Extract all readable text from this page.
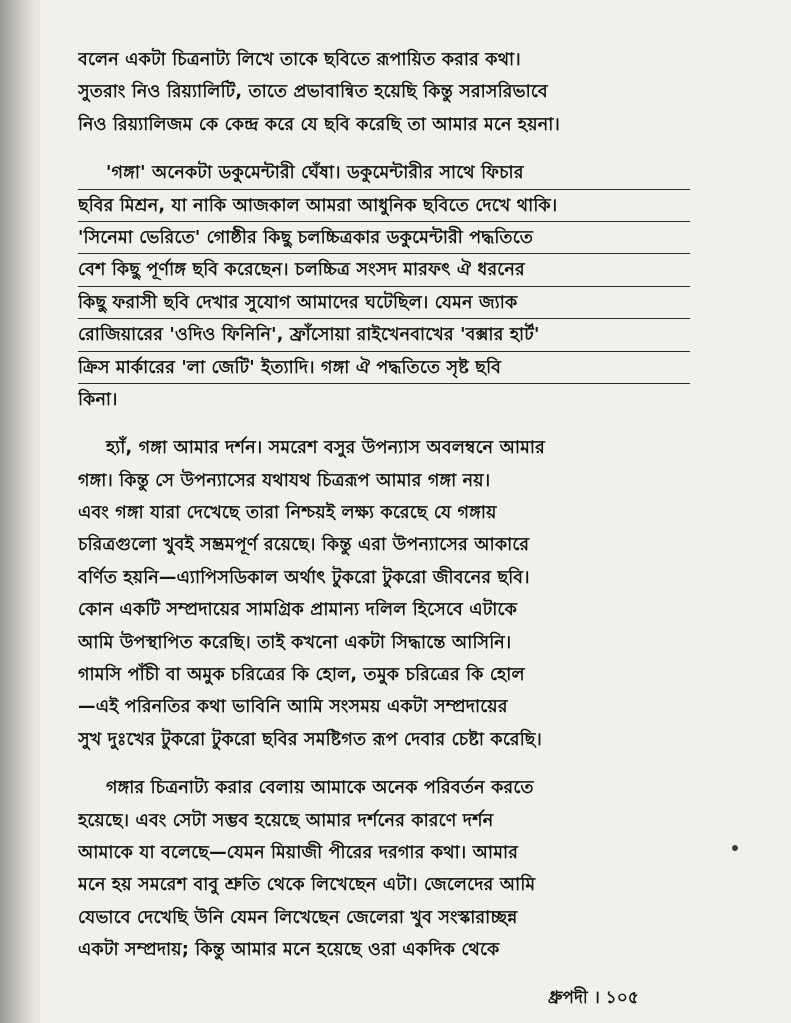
বলেন একটা চিত্রনাট্য লিখে তাকে ছবিতে রূপায়িত করার কথা।
সুতরাং নিও রিয়্যালিটি, তাতে প্রভাবান্বিত হয়েছি কিন্তু সরাসরিভাবে
নিও রিয়্যালিজম কে কেন্দ্র করে যে ছবি করেছি তা আমার মনে হয়না।
'গঙ্গা' অনেকটা ডকুমেন্টারী ঘেঁষা। ডকুমেন্টারীর সাথে ফিচার
ছবির মিশ্রন, যা নাকি আজকাল আমরা আধুনিক ছবিতে দেখে থাকি।
'সিনেমা ভেরিতে' গোষ্ঠীর কিছু চলচ্চিত্রকার ডকুমেন্টারী পদ্ধতিতে
বেশ কিছু পূর্ণাঙ্গ ছবি করেছেন। চলচ্চিত্র সংসদ মারফৎ ঐ ধরনের
কিছু ফরাসী ছবি দেখার সুযোগ আমাদের ঘটেছিল। যেমন জ্যাক
রোজিয়ারের 'ওদিও ফিনিনি', ফ্রাঁসোয়া রাইখেনবাখের 'বক্সার হার্ট'
ক্রিস মার্কারের 'লা জেটি' ইত্যাদি। গঙ্গা ঐ পদ্ধতিতে সৃষ্ট ছবি
কিনা।
হ্যাঁ, গঙ্গা আমার দর্শন। সমরেশ বসুর উপন্যাস অবলম্বনে আমার
গঙ্গা। কিন্তু সে উপন্যাসের যথাযথ চিত্ররূপ আমার গঙ্গা নয়।
এবং গঙ্গা যারা দেখেছে তারা নিশ্চয়ই লক্ষ্য করেছে যে গঙ্গায়
চরিত্রগুলো খুবই সম্ভ্রমপূর্ণ রয়েছে। কিন্তু এরা উপন্যাসের আকারে
বর্ণিত হয়নি—এ্যাপিসডিকাল অর্থাৎ টুকরো টুকরো জীবনের ছবি।
কোন একটি সম্প্রদায়ের সামগ্রিক প্রামান্য দলিল হিসেবে এটাকে
আমি উপস্থাপিত করেছি। তাই কখনো একটা সিদ্ধান্তে আসিনি।
গামসি পাঁচী বা অমুক চরিত্রের কি হোল, তমুক চরিত্রের কি হোল
—এই পরিনতির কথা ভাবিনি আমি সংসময় একটা সম্প্রদায়ের
সুখ দুঃখের টুকরো টুকরো ছবির সমষ্টিগত রূপ দেবার চেষ্টা করেছি।
গঙ্গার চিত্রনাট্য করার বেলায় আমাকে অনেক পরিবর্তন করতে
হয়েছে। এবং সেটা সম্ভব হয়েছে আমার দর্শনের কারণে দর্শন
আমাকে যা বলেছে—যেমন মিয়াজী পীরের দরগার কথা। আমার
মনে হয় সমরেশ বাবু শ্রুতি থেকে লিখেছেন এটা। জেলেদের আমি
যেভাবে দেখেছি উনি যেমন লিখেছেন জেলেরা খুব সংস্কারাচ্ছন্ন
একটা সম্প্রদায়; কিন্তু আমার মনে হয়েছে ওরা একদিক থেকে
ধ্রুপদী । ১০৫
